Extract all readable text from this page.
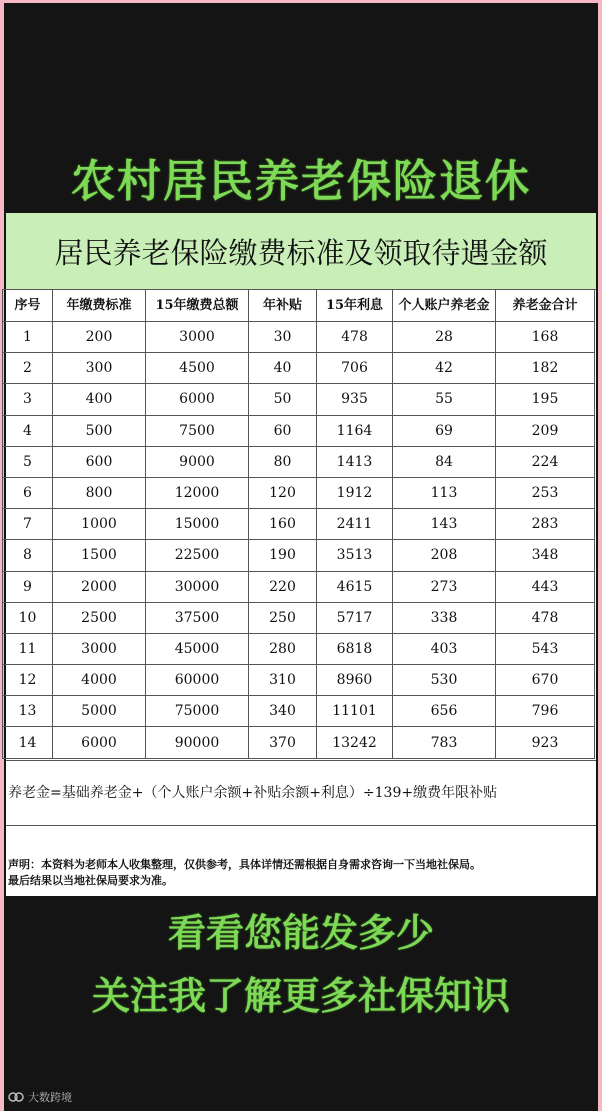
农村居民养老保险退休
居民养老保险缴费标准及领取待遇金额
序号	年缴费标准	15年缴费总额	年补贴	15年利息	个人账户养老金	养老金合计
1	200	3000	30	478	28	168
2	300	4500	40	706	42	182
3	400	6000	50	935	55	195
4	500	7500	60	1164	69	209
5	600	9000	80	1413	84	224
6	800	12000	120	1912	113	253
7	1000	15000	160	2411	143	283
8	1500	22500	190	3513	208	348
9	2000	30000	220	4615	273	443
10	2500	37500	250	5717	338	478
11	3000	45000	280	6818	403	543
12	4000	60000	310	8960	530	670
13	5000	75000	340	11101	656	796
14	6000	90000	370	13242	783	923
养老金=基础养老金+（个人账户余额+补贴余额+利息）÷139+缴费年限补贴
声明：本资料为老师本人收集整理，仅供参考，具体详情还需根据自身需求咨询一下当地社保局。
最后结果以当地社保局要求为准。
看看您能发多少
关注我了解更多社保知识
大数跨境
